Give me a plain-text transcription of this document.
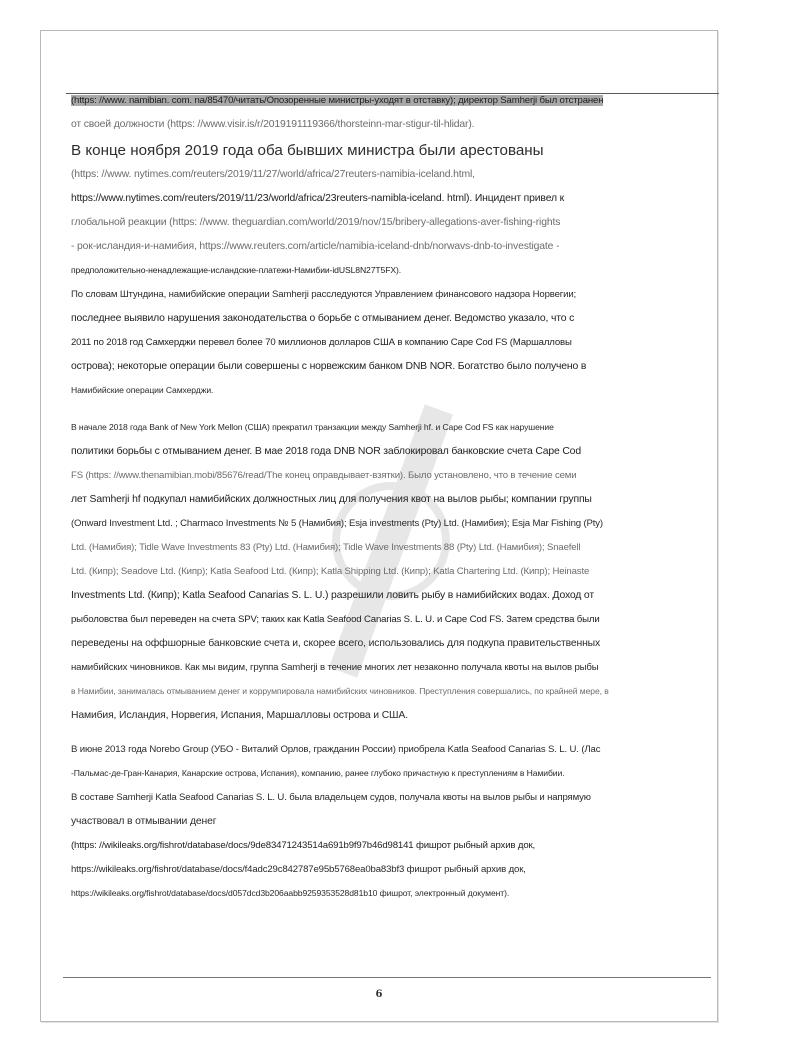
(https: //www. namibian. com. na/85470/читать/Опозоренные министры-уходят в отставку); директор Samherji был отстранен
от своей должности (https: //www.visir.is/r/2019191119366/thorsteinn-mar-stigur-til-hlidar).
В конце ноября 2019 года оба бывших министра были арестованы
(https: //www. nytimes.com/reuters/2019/11/27/world/africa/27reuters-namibia-iceland.html,
https://www.nytimes.com/reuters/2019/11/23/world/africa/23reuters-namibla-iceland. html). Инцидент привел к
глобальной реакции (https: //www. theguardian.com/world/2019/nov/15/bribery-allegations-aver-fishing-rights
- рок-исландия-и-намибия, https://www.reuters.com/article/namibia-iceland-dnb/norwavs-dnb-to-investigate -
предположительно-ненадлежащие-исландские-платежи-Намибии-idUSL8N27T5FX).
По словам Штундина, намибийские операции Samherji расследуются Управлением финансового надзора Норвегии;
последнее выявило нарушения законодательства о борьбе с отмыванием денег. Ведомство указало, что с
2011 по 2018 год Самхерджи перевел более 70 миллионов долларов США в компанию Cape Cod FS (Маршалловы
острова); некоторые операции были совершены с норвежским банком DNB NOR. Богатство было получено в
Намибийские операции Самхерджи.
В начале 2018 года Bank of New York Mellon (США) прекратил транзакции между Samherji hf. и Cape Cod FS как нарушение
политики борьбы с отмыванием денег. В мае 2018 года DNB NOR заблокировал банковские счета Cape Cod
FS (https: //www.thenamibian.mobi/85676/read/The конец оправдывает-взятки). Было установлено, что в течение семи
лет Samherji hf подкупал намибийских должностных лиц для получения квот на вылов рыбы; компании группы
(Onward Investment Ltd. ; Charmaco Investments № 5 (Намибия); Esja investments (Pty) Ltd. (Намибия); Esja Mar Fishing (Pty)
Ltd. (Намибия); Tidle Wave Investments 83 (Pty) Ltd. (Намибия); Tidle Wave Investments 88 (Pty) Ltd. (Намибия); Snaefell
Ltd. (Кипр); Seadove Ltd. (Кипр); Katla Seafood Ltd. (Кипр); Katla Shipping Ltd. (Кипр); Katla Chartering Ltd. (Кипр); Heinaste
Investments Ltd. (Кипр); Katla Seafood Canarias S. L. U.) разрешили ловить рыбу в намибийских водах. Доход от
рыболовства был переведен на счета SPV; таких как Katla Seafood Canarias S. L. U. и Cape Cod FS. Затем средства были
переведены на оффшорные банковские счета и, скорее всего, использовались для подкупа правительственных
намибийских чиновников. Как мы видим, группа Samherji в течение многих лет незаконно получала квоты на вылов рыбы
в Намибии, занималась отмыванием денег и коррумпировала намибийских чиновников. Преступления совершались, по крайней мере, в
Намибия, Исландия, Норвегия, Испания, Маршалловы острова и США.
В июне 2013 года Norebo Group (УБО - Виталий Орлов, гражданин России) приобрела Katla Seafood Canarias S. L. U. (Лас
-Пальмас-де-Гран-Канария, Канарские острова, Испания), компанию, ранее глубоко причастную к преступлениям в Намибии.
В составе Samherji Katla Seafood Canarias S. L. U. была владельцем судов, получала квоты на вылов рыбы и напрямую
участвовал в отмывании денег
(https: //wikileaks.org/fishrot/database/docs/9de83471243514a691b9f97b46d98141 фишрот рыбный архив док,
https://wikileaks.org/fishrot/database/docs/f4adc29c842787e95b5768ea0ba83bf3 фишрот рыбный архив док,
https://wikileaks.org/fishrot/database/docs/d057dcd3b206aabb9259353528d81b10 фишрот, электронный документ).
6
